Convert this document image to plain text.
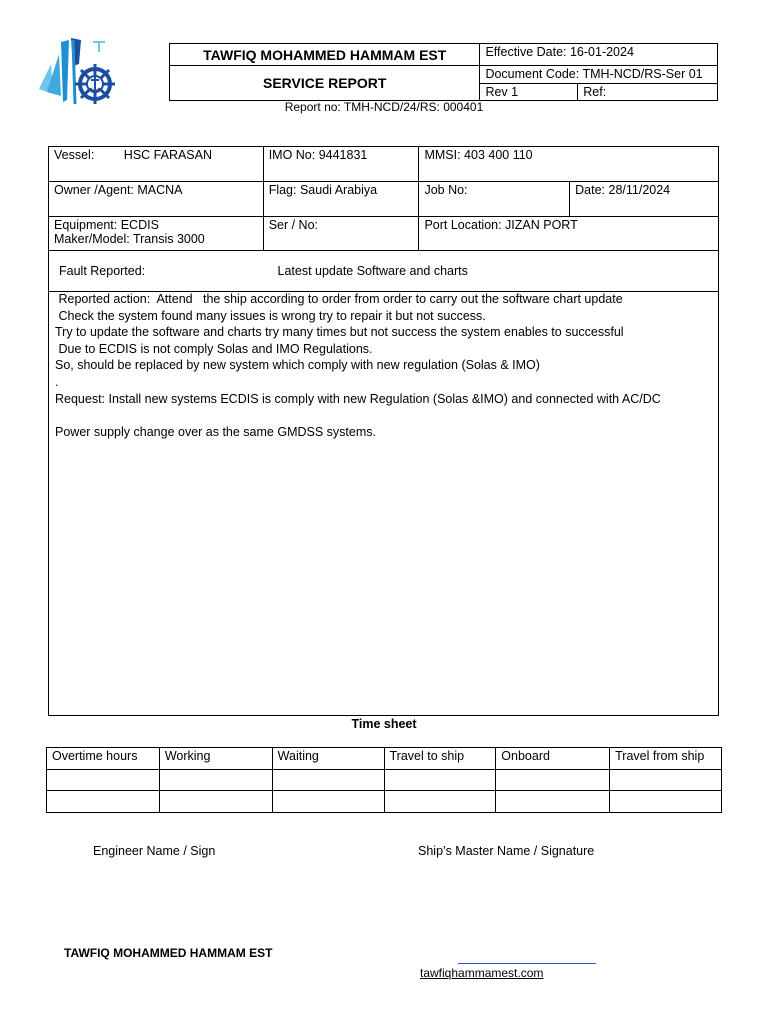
TAWFIQ MOHAMMED HAMMAM EST	Effective Date: 16-01-2024	
SERVICE REPORT	Document Code: TMH-NCD/RS-Ser 01	
	Rev 1	Ref:
Report no: TMH-NCD/24/RS: 000401
Vessel: HSC FARASAN	IMO No: 9441831	MMSI: 403 400 110	
Owner /Agent: MACNA	Flag: Saudi Arabiya	Job No:	Date: 28/11/2024

Equipment: ECDIS
Maker/Model: Transis 3000	Ser / No:	Port Location: JIZAN PORT	
Fault Reported: Latest update Software and charts			
Reported action:  Attend   the ship according to order from order to carry out the software chart update
Check the system found many issues is wrong try to repair it but not success.
Try to update the software and charts try many times but not success the system enables to successful
Due to ECDIS is not comply Solas and IMO Regulations.
So, should be replaced by new system which comply with new regulation (Solas & IMO)
.
Request: Install new systems ECDIS is comply with new Regulation (Solas &IMO) and connected with AC/DC
Power supply change over as the same GMDSS systems.
Time sheet
Overtime hours	Working	Waiting	Travel to ship	Onboard	Travel from ship

Engineer Name / Sign	Ship’s Master Name / Signature
TAWFIQ MOHAMMED HAMMAM EST
tawfiqhammamest.com
